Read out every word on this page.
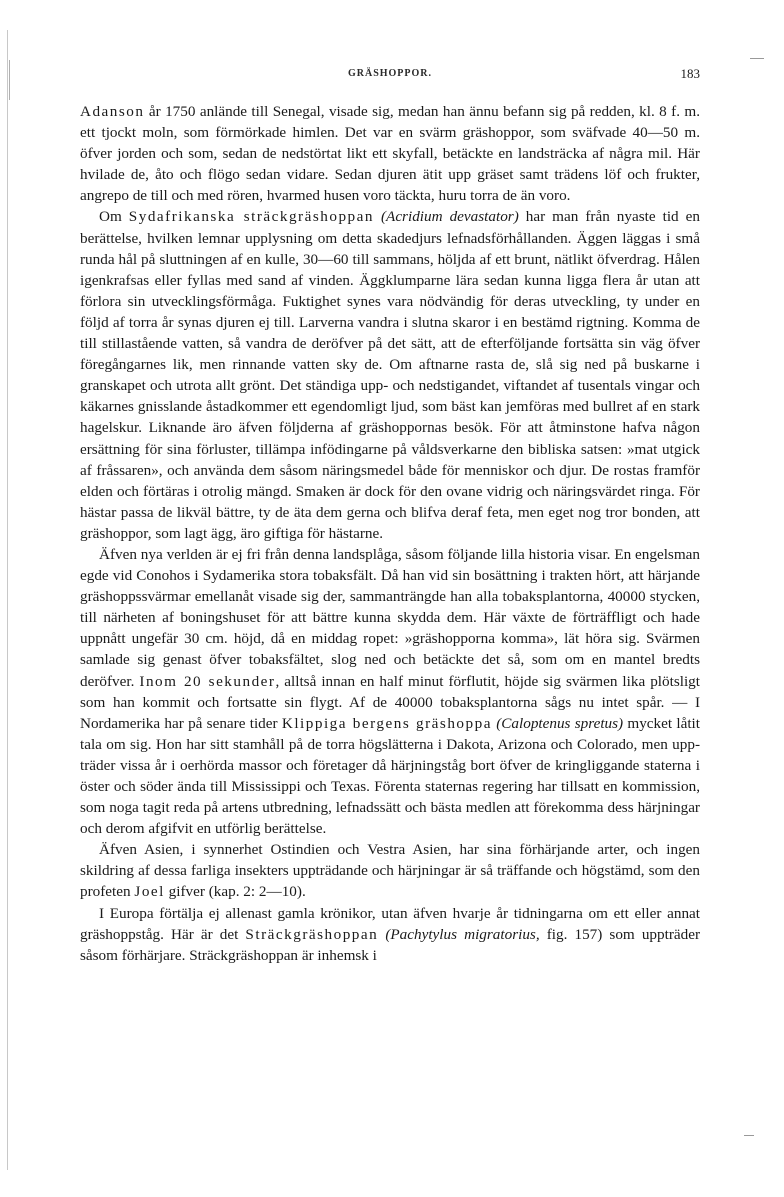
GRÄSHOPPOR.	183

Adanson år 1750 anlände till Senegal, visade sig, medan han ännu befann sig på redden, kl. 8 f. m. ett tjockt moln, som förmörkade himlen. Det var en svärm gräshoppor, som sväfvade 40—50 m. öfver jorden och som, sedan de nedstörtat likt ett skyfall, betäckte en landsträcka af några mil. Här hvilade de, åto och flögo sedan vidare. Sedan djuren ätit upp gräset samt trädens löf och frukter, angrepo de till och med rören, hvarmed husen voro täckta, huru torra de än voro.

Om Sydafrikanska sträckgräshoppan (Acridium devastator) har man från nyaste tid en berättelse, hvilken lemnar upplysning om detta skadedjurs lefnadsförhållanden. Äggen läggas i små runda hål på sluttningen af en kulle, 30—60 till sammans, höljda af ett brunt, nätlikt öfverdrag. Hålen igenkrafsas eller fyllas med sand af vinden. Äggklumparne lära sedan kunna ligga flera år utan att förlora sin utvecklingsförmåga. Fuktighet synes vara nödvändig för deras utveckling, ty under en följd af torra år synas djuren ej till. Larverna vandra i slutna skaror i en bestämd rigtning. Komma de till stillastående vatten, så vandra de deröfver på det sätt, att de efterföljande fortsätta sin väg öfver föregångarnes lik, men rinnande vatten sky de. Om aftnarne rasta de, slå sig ned på buskarne i granskapet och utrota allt grönt. Det ständiga upp- och nedstigandet, viftandet af tusentals vingar och käkarnes gnisslande åstadkommer ett egendomligt ljud, som bäst kan jemföras med bullret af en stark hagelskur. Liknande äro äfven följderna af gräshoppornas besök. För att åtminstone hafva någon ersättning för sina förluster, tillämpa infödingarne på våldsverkarne den bibliska satsen: »mat utgick af fråssaren», och använda dem såsom näringsmedel både för menniskor och djur. De rostas framför elden och förtäras i otrolig mängd. Smaken är dock för den ovane vidrig och näringsvärdet ringa. För hästar passa de likväl bättre, ty de äta dem gerna och blifva deraf feta, men eget nog tror bonden, att gräshoppor, som lagt ägg, äro giftiga för hästarne.

Äfven nya verlden är ej fri från denna landsplåga, såsom följande lilla historia visar. En engelsman egde vid Conohos i Sydamerika stora tobaksfält. Då han vid sin bosättning i trakten hört, att härjande gräshoppssvärmar emellanåt visade sig der, sammanträngde han alla tobaksplantorna, 40000 stycken, till närheten af boningshuset för att bättre kunna skydda dem. Här växte de förträffligt och hade uppnått ungefär 30 cm. höjd, då en middag ropet: »gräshopporna komma», lät höra sig. Svärmen samlade sig genast öfver tobaksfältet, slog ned och betäckte det så, som om en mantel bredts deröfver. Inom 20 sekunder, alltså innan en half minut förflutit, höjde sig svärmen lika plötsligt som han kommit och fortsatte sin flygt. Af de 40000 tobaksplantorna sågs nu intet spår. — I Nordamerika har på senare tider Klippiga bergens gräshoppa (Caloptenus spretus) mycket låtit tala om sig. Hon har sitt stamhåll på de torra högslätterna i Dakota, Arizona och Colorado, men uppträder vissa år i oerhörda massor och företager då härjningståg bort öfver de kringliggande staterna i öster och söder ända till Mississippi och Texas. Förenta staternas regering har tillsatt en kommission, som noga tagit reda på artens utbredning, lefnadssätt och bästa medlen att förekomma dess härjningar och derom afgifvit en utförlig berättelse.

Äfven Asien, i synnerhet Ostindien och Vestra Asien, har sina förhärjande arter, och ingen skildring af dessa farliga insekters uppträdande och härjningar är så träffande och högstämd, som den profeten Joel gifver (kap. 2: 2—10).

I Europa förtälja ej allenast gamla krönikor, utan äfven hvarje år tidningarna om ett eller annat gräshoppståg. Här är det Sträckgräshoppan (Pachytylus migratorius, fig. 157) som uppträder såsom förhärjare. Sträckgräshoppan är inhemsk i
